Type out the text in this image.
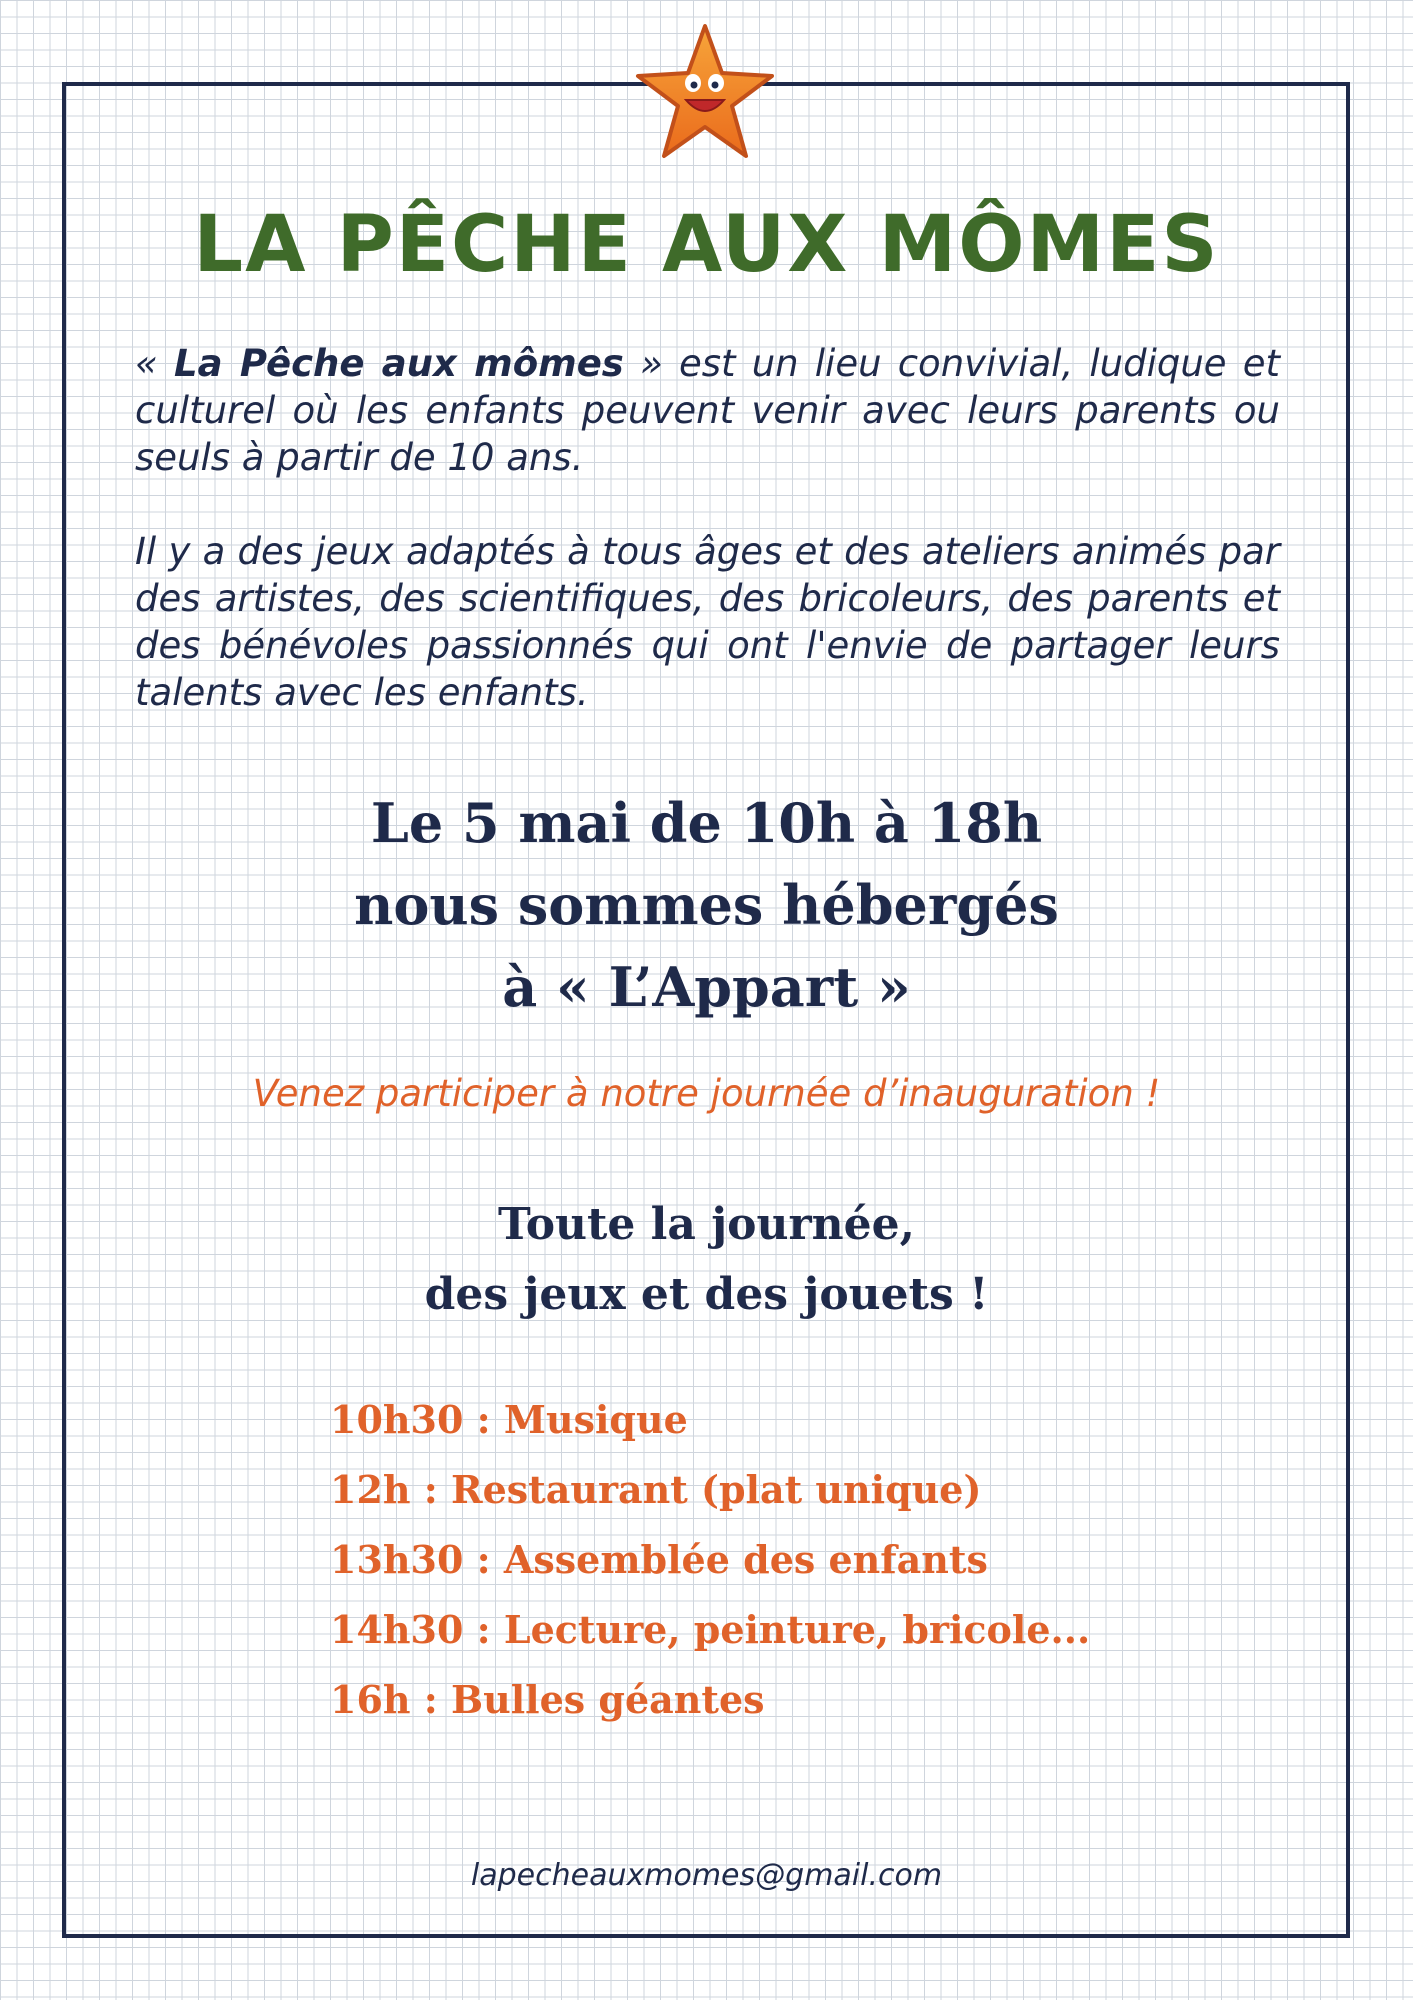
LA PÊCHE AUX MÔMES

« La Pêche aux mômes » est un lieu convivial, ludique et culturel où les enfants peuvent venir avec leurs parents ou seuls à partir de 10 ans.

Il y a des jeux adaptés à tous âges et des ateliers animés par des artistes, des scientifiques, des bricoleurs, des parents et des bénévoles passionnés qui ont l'envie de partager leurs talents avec les enfants.

Le 5 mai de 10h à 18h
nous sommes hébergés
à « L’Appart »

Venez participer à notre journée d’inauguration !

Toute la journée,
des jeux et des jouets !
10h30 : Musique
12h : Restaurant (plat unique)
13h30 : Assemblée des enfants
14h30 : Lecture, peinture, bricole...
16h : Bulles géantes

lapecheauxmomes@gmail.com
